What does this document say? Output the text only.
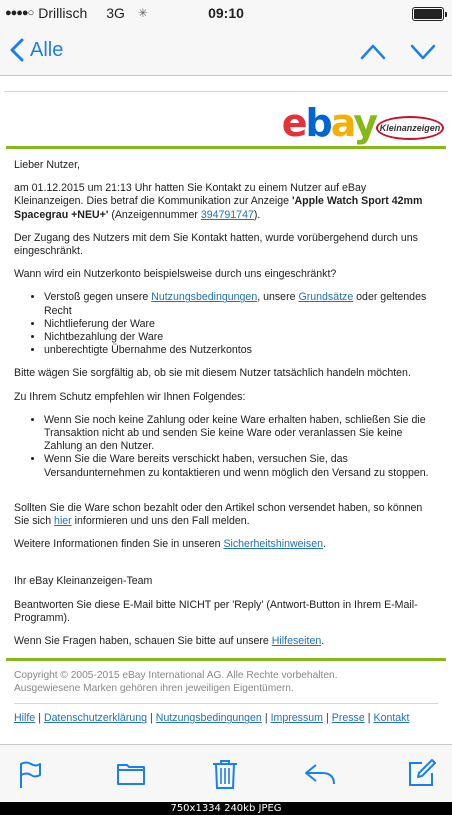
●●●●○ Drillisch 3G ✳	09:10
Alle
ebay Kleinanzeigen

Lieber Nutzer,

am 01.12.2015 um 21:13 Uhr hatten Sie Kontakt zu einem Nutzer auf eBay Kleinanzeigen. Dies betraf die Kommunikation zur Anzeige 'Apple Watch Sport 42mm Spacegrau +NEU+' (Anzeigennummer 394791747).

Der Zugang des Nutzers mit dem Sie Kontakt hatten, wurde vorübergehend durch uns eingeschränkt.

Wann wird ein Nutzerkonto beispielsweise durch uns eingeschränkt?

• Verstoß gegen unsere Nutzungsbedingungen, unsere Grundsätze oder geltendes Recht
• Nichtlieferung der Ware
• Nichtbezahlung der Ware
• unberechtigte Übernahme des Nutzerkontos

Bitte wägen Sie sorgfältig ab, ob sie mit diesem Nutzer tatsächlich handeln möchten.

Zu Ihrem Schutz empfehlen wir Ihnen Folgendes:

• Wenn Sie noch keine Zahlung oder keine Ware erhalten haben, schließen Sie die Transaktion nicht ab und senden Sie keine Ware oder veranlassen Sie keine Zahlung an den Nutzer.
• Wenn Sie die Ware bereits verschickt haben, versuchen Sie, das Versandunternehmen zu kontaktieren und wenn möglich den Versand zu stoppen.

Sollten Sie die Ware schon bezahlt oder den Artikel schon versendet haben, so können Sie sich hier informieren und uns den Fall melden.

Weitere Informationen finden Sie in unseren Sicherheitshinweisen.

Ihr eBay Kleinanzeigen-Team

Beantworten Sie diese E-Mail bitte NICHT per 'Reply' (Antwort-Button in Ihrem E-Mail-Programm).

Wenn Sie Fragen haben, schauen Sie bitte auf unsere Hilfeseiten.

Copyright © 2005-2015 eBay International AG. Alle Rechte vorbehalten.
Ausgewiesene Marken gehören ihren jeweiligen Eigentümern.
Hilfe | Datenschutzerklärung | Nutzungsbedingungen | Impressum | Presse | Kontakt
750x1334 240kb JPEG
